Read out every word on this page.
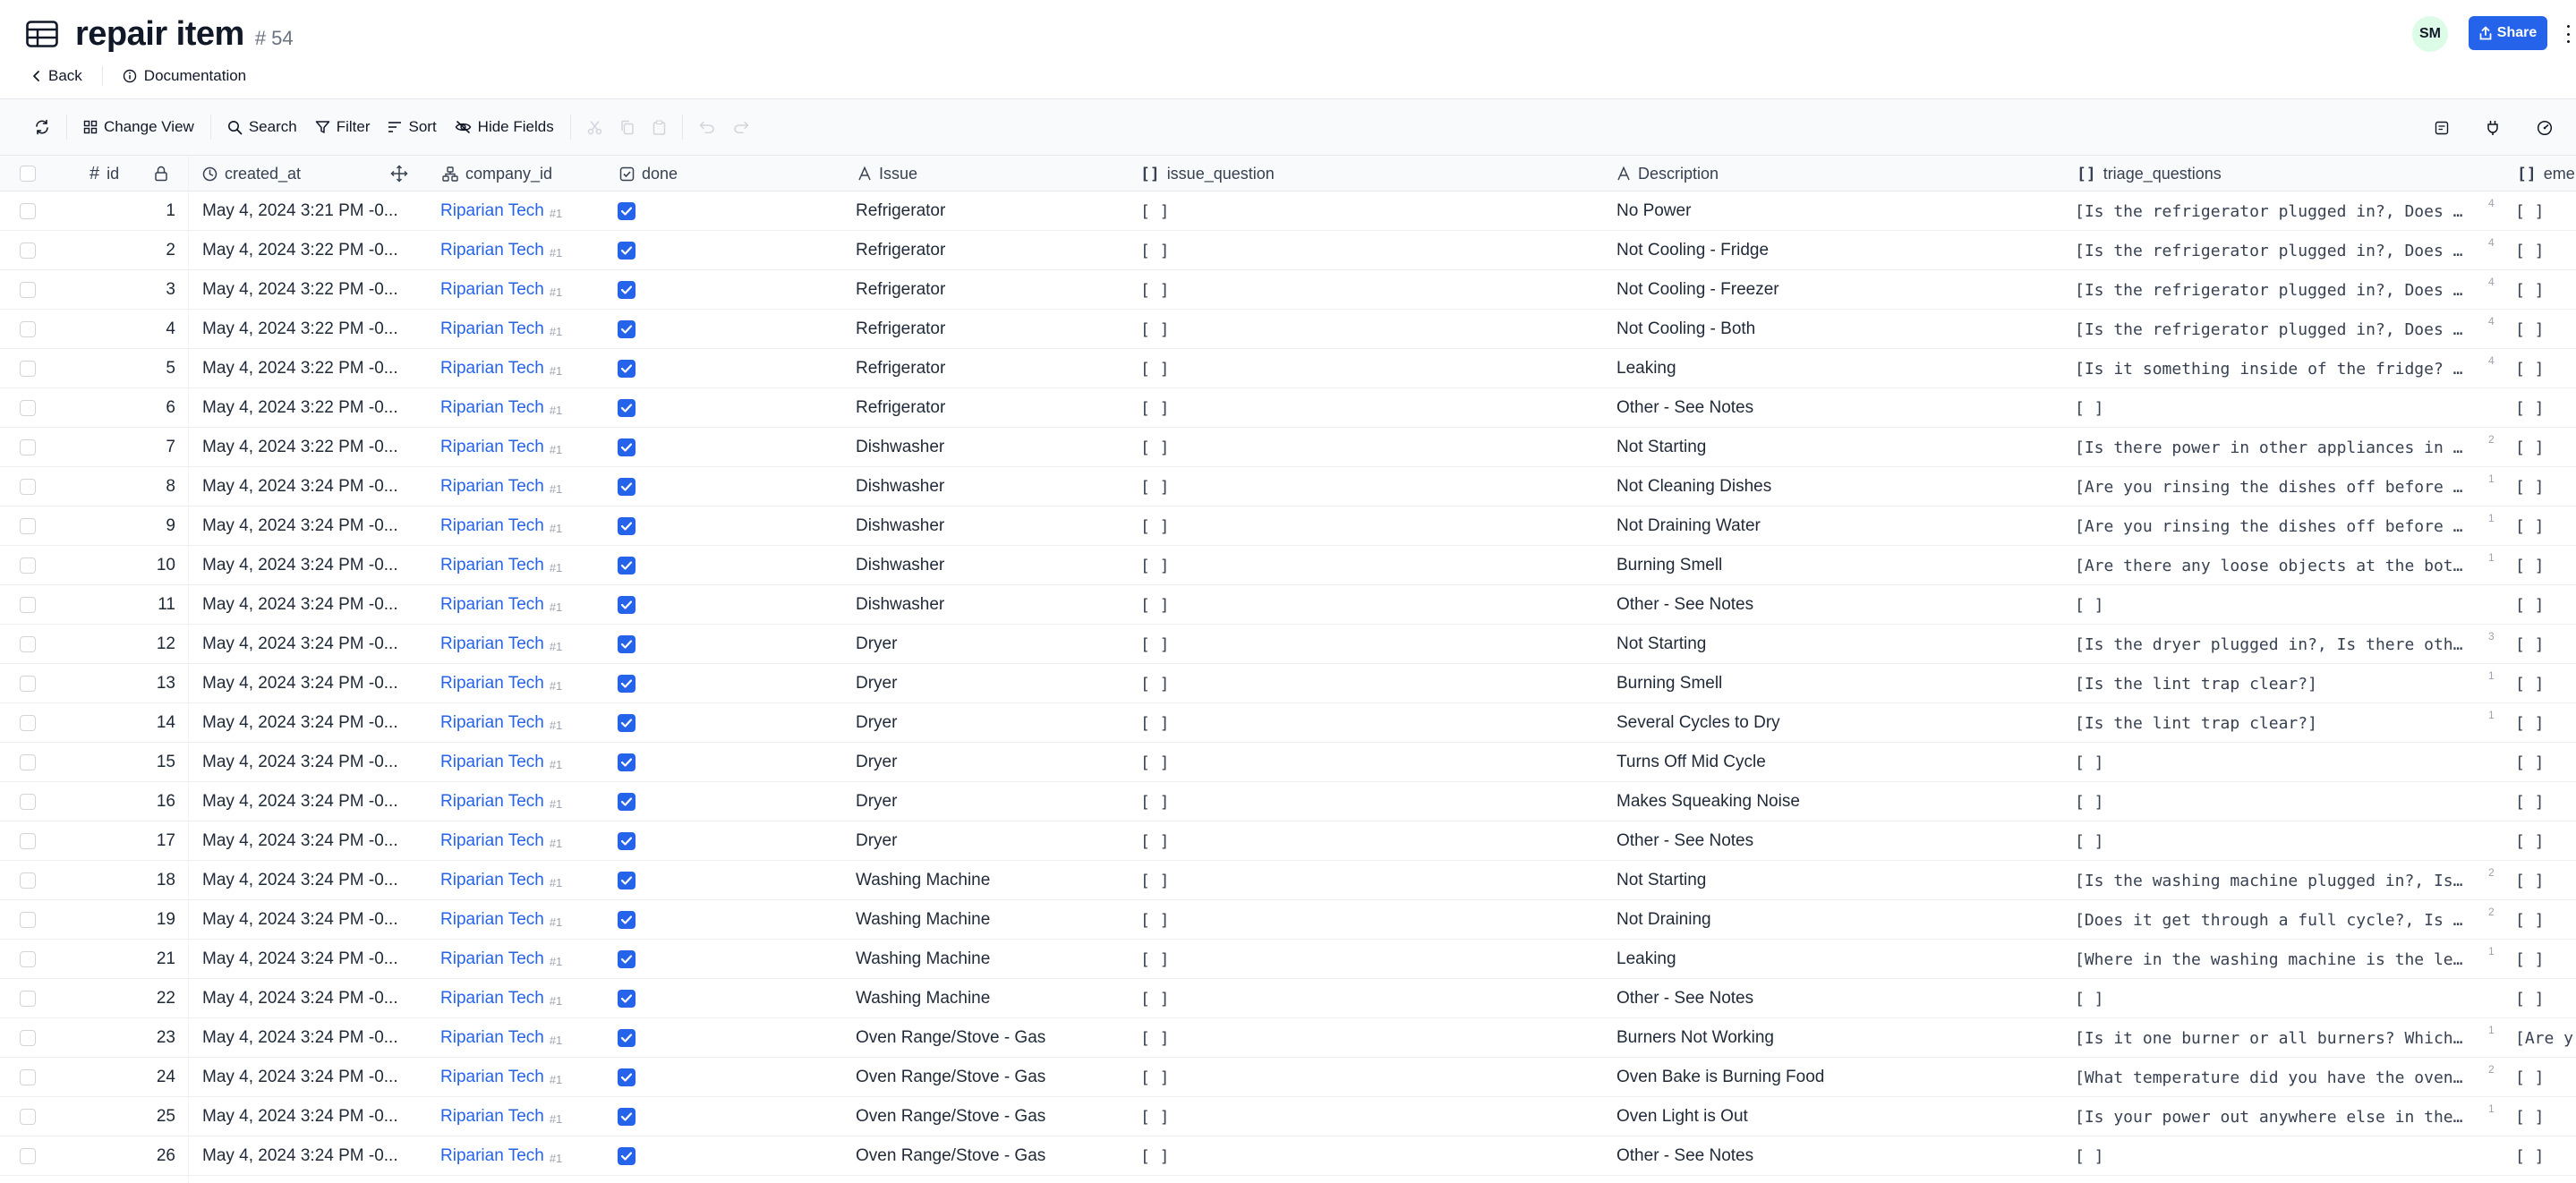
repair item # 54
Back	Documentation
SM	Share
Change View	Search	Filter	Sort	Hide Fields
# id	created_at	company_id	done	Issue	[] issue_question	Description	[] triage_questions	[] eme
1 May 4, 2024 3:21 PM -0...	Riparian Tech #1	Refrigerator	[ ]	No Power	[Is the refrigerator plugged in?, Does …	4 [ ]
2 May 4, 2024 3:22 PM -0...	Riparian Tech #1	Refrigerator	[ ]	Not Cooling - Fridge	[Is the refrigerator plugged in?, Does …	4 [ ]
3 May 4, 2024 3:22 PM -0...	Riparian Tech #1	Refrigerator	[ ]	Not Cooling - Freezer	[Is the refrigerator plugged in?, Does …	4 [ ]
4 May 4, 2024 3:22 PM -0...	Riparian Tech #1	Refrigerator	[ ]	Not Cooling - Both	[Is the refrigerator plugged in?, Does …	4 [ ]
5 May 4, 2024 3:22 PM -0...	Riparian Tech #1	Refrigerator	[ ]	Leaking	[Is it something inside of the fridge? …	4 [ ]
6 May 4, 2024 3:22 PM -0...	Riparian Tech #1	Refrigerator	[ ]	Other - See Notes	[ ]	[ ]
7 May 4, 2024 3:22 PM -0...	Riparian Tech #1	Dishwasher	[ ]	Not Starting	[Is there power in other appliances in …	2 [ ]
8 May 4, 2024 3:24 PM -0...	Riparian Tech #1	Dishwasher	[ ]	Not Cleaning Dishes	[Are you rinsing the dishes off before …	1 [ ]
9 May 4, 2024 3:24 PM -0...	Riparian Tech #1	Dishwasher	[ ]	Not Draining Water	[Are you rinsing the dishes off before …	1 [ ]
10 May 4, 2024 3:24 PM -0...	Riparian Tech #1	Dishwasher	[ ]	Burning Smell	[Are there any loose objects at the bot…	1 [ ]
11 May 4, 2024 3:24 PM -0...	Riparian Tech #1	Dishwasher	[ ]	Other - See Notes	[ ]	[ ]
12 May 4, 2024 3:24 PM -0...	Riparian Tech #1	Dryer	[ ]	Not Starting	[Is the dryer plugged in?, Is there oth…	3 [ ]
13 May 4, 2024 3:24 PM -0...	Riparian Tech #1	Dryer	[ ]	Burning Smell	[Is the lint trap clear?]	1 [ ]
14 May 4, 2024 3:24 PM -0...	Riparian Tech #1	Dryer	[ ]	Several Cycles to Dry	[Is the lint trap clear?]	1 [ ]
15 May 4, 2024 3:24 PM -0...	Riparian Tech #1	Dryer	[ ]	Turns Off Mid Cycle	[ ]	[ ]
16 May 4, 2024 3:24 PM -0...	Riparian Tech #1	Dryer	[ ]	Makes Squeaking Noise	[ ]	[ ]
17 May 4, 2024 3:24 PM -0...	Riparian Tech #1	Dryer	[ ]	Other - See Notes	[ ]	[ ]
18 May 4, 2024 3:24 PM -0...	Riparian Tech #1	Washing Machine	[ ]	Not Starting	[Is the washing machine plugged in?, Is…	2 [ ]
19 May 4, 2024 3:24 PM -0...	Riparian Tech #1	Washing Machine	[ ]	Not Draining	[Does it get through a full cycle?, Is …	2 [ ]
21 May 4, 2024 3:24 PM -0...	Riparian Tech #1	Washing Machine	[ ]	Leaking	[Where in the washing machine is the le…	1 [ ]
22 May 4, 2024 3:24 PM -0...	Riparian Tech #1	Washing Machine	[ ]	Other - See Notes	[ ]	[ ]
23 May 4, 2024 3:24 PM -0...	Riparian Tech #1	Oven Range/Stove - Gas	[ ]	Burners Not Working	[Is it one burner or all burners? Which…	1 [Are y
24 May 4, 2024 3:24 PM -0...	Riparian Tech #1	Oven Range/Stove - Gas	[ ]	Oven Bake is Burning Food	[What temperature did you have the oven…	2 [ ]
25 May 4, 2024 3:24 PM -0...	Riparian Tech #1	Oven Range/Stove - Gas	[ ]	Oven Light is Out	[Is your power out anywhere else in the…	1 [ ]
26 May 4, 2024 3:24 PM -0...	Riparian Tech #1	Oven Range/Stove - Gas	[ ]	Other - See Notes	[ ]	[ ]
